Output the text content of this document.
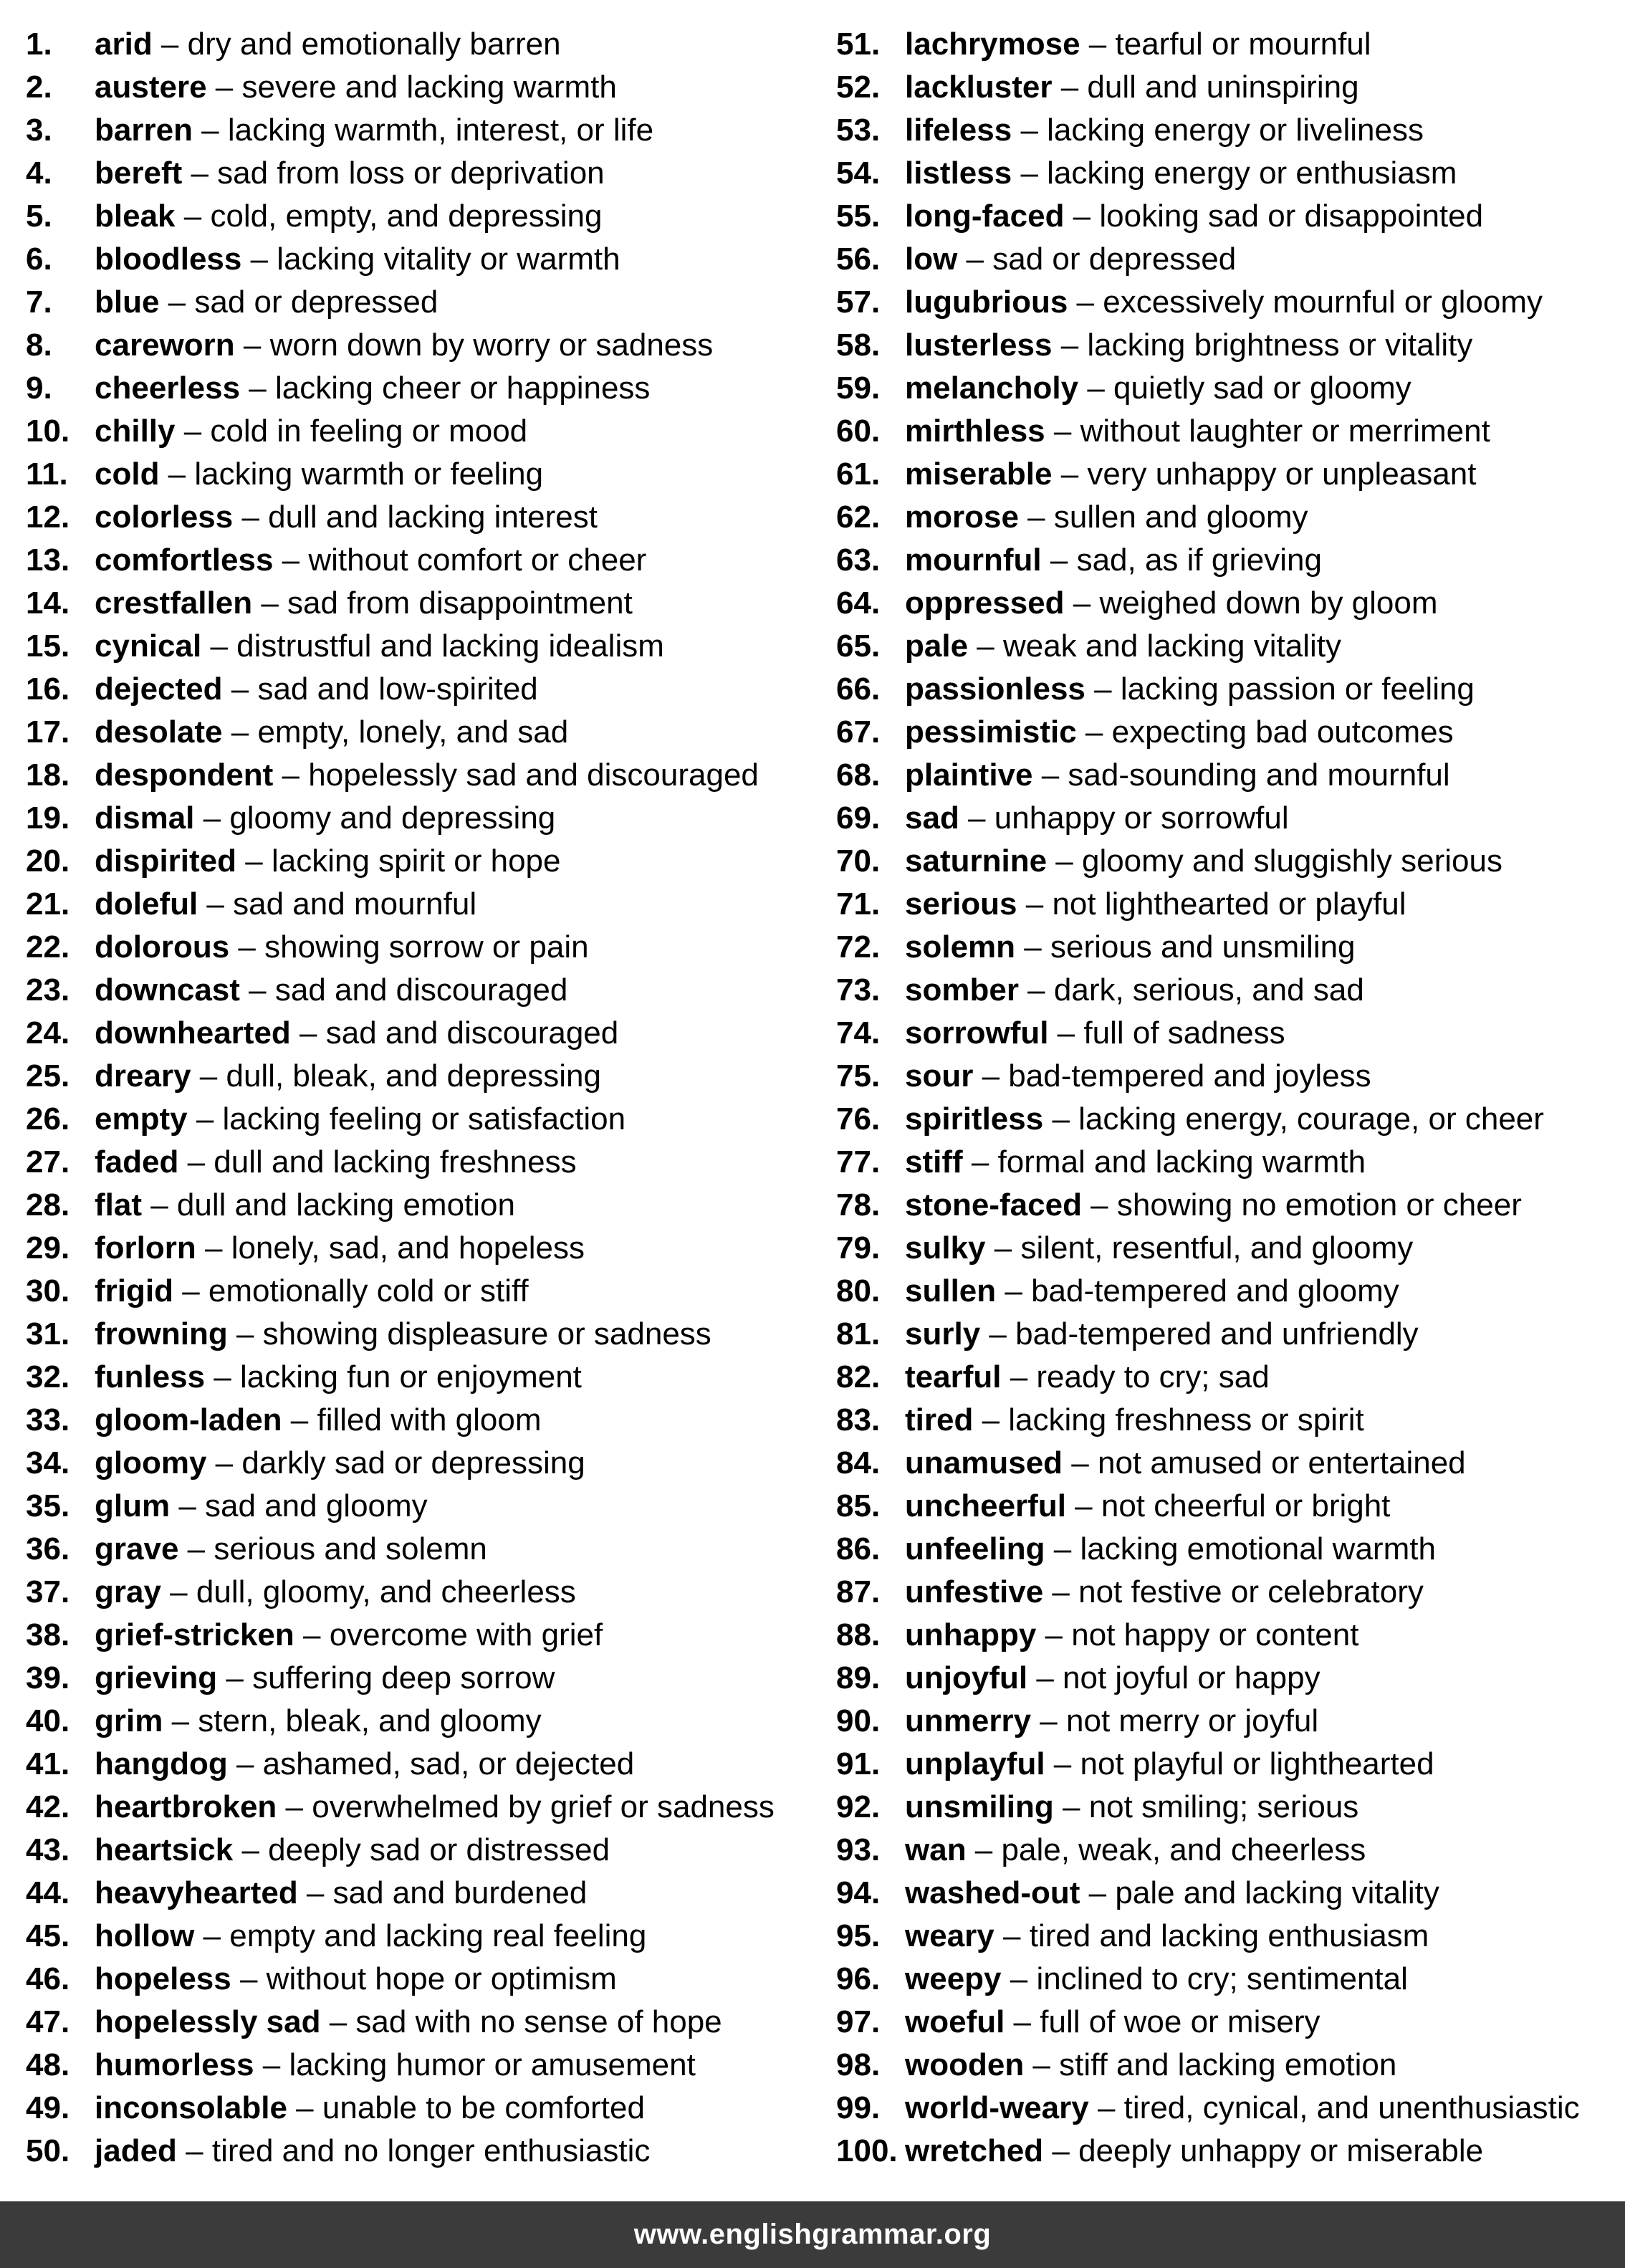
1.	arid – dry and emotionally barren
2.	austere – severe and lacking warmth
3.	barren – lacking warmth, interest, or life
4.	bereft – sad from loss or deprivation
5.	bleak – cold, empty, and depressing
6.	bloodless – lacking vitality or warmth
7.	blue – sad or depressed
8.	careworn – worn down by worry or sadness
9.	cheerless – lacking cheer or happiness
10. chilly – cold in feeling or mood
11. cold – lacking warmth or feeling
12. colorless – dull and lacking interest
13. comfortless – without comfort or cheer
14. crestfallen – sad from disappointment
15. cynical – distrustful and lacking idealism
16. dejected – sad and low-spirited
17. desolate – empty, lonely, and sad
18. despondent – hopelessly sad and discouraged
19. dismal – gloomy and depressing
20. dispirited – lacking spirit or hope
21. doleful – sad and mournful
22. dolorous – showing sorrow or pain
23. downcast – sad and discouraged
24. downhearted – sad and discouraged
25. dreary – dull, bleak, and depressing
26. empty – lacking feeling or satisfaction
27. faded – dull and lacking freshness
28. flat – dull and lacking emotion
29. forlorn – lonely, sad, and hopeless
30. frigid – emotionally cold or stiff
31. frowning – showing displeasure or sadness
32. funless – lacking fun or enjoyment
33. gloom-laden – filled with gloom
34. gloomy – darkly sad or depressing
35. glum – sad and gloomy
36. grave – serious and solemn
37. gray – dull, gloomy, and cheerless
38. grief-stricken – overcome with grief
39. grieving – suffering deep sorrow
40. grim – stern, bleak, and gloomy
41. hangdog – ashamed, sad, or dejected
42. heartbroken – overwhelmed by grief or sadness
43. heartsick – deeply sad or distressed
44. heavyhearted – sad and burdened
45. hollow – empty and lacking real feeling
46. hopeless – without hope or optimism
47. hopelessly sad – sad with no sense of hope
48. humorless – lacking humor or amusement
49. inconsolable – unable to be comforted
50. jaded – tired and no longer enthusiastic
51. lachrymose – tearful or mournful
52. lackluster – dull and uninspiring
53. lifeless – lacking energy or liveliness
54. listless – lacking energy or enthusiasm
55. long-faced – looking sad or disappointed
56. low – sad or depressed
57. lugubrious – excessively mournful or gloomy
58. lusterless – lacking brightness or vitality
59. melancholy – quietly sad or gloomy
60. mirthless – without laughter or merriment
61. miserable – very unhappy or unpleasant
62. morose – sullen and gloomy
63. mournful – sad, as if grieving
64. oppressed – weighed down by gloom
65. pale – weak and lacking vitality
66. passionless – lacking passion or feeling
67. pessimistic – expecting bad outcomes
68. plaintive – sad-sounding and mournful
69. sad – unhappy or sorrowful
70. saturnine – gloomy and sluggishly serious
71. serious – not lighthearted or playful
72. solemn – serious and unsmiling
73. somber – dark, serious, and sad
74. sorrowful – full of sadness
75. sour – bad-tempered and joyless
76. spiritless – lacking energy, courage, or cheer
77. stiff – formal and lacking warmth
78. stone-faced – showing no emotion or cheer
79. sulky – silent, resentful, and gloomy
80. sullen – bad-tempered and gloomy
81. surly – bad-tempered and unfriendly
82. tearful – ready to cry; sad
83. tired – lacking freshness or spirit
84. unamused – not amused or entertained
85. uncheerful – not cheerful or bright
86. unfeeling – lacking emotional warmth
87. unfestive – not festive or celebratory
88. unhappy – not happy or content
89. unjoyful – not joyful or happy
90. unmerry – not merry or joyful
91. unplayful – not playful or lighthearted
92. unsmiling – not smiling; serious
93. wan – pale, weak, and cheerless
94. washed-out – pale and lacking vitality
95. weary – tired and lacking enthusiasm
96. weepy – inclined to cry; sentimental
97. woeful – full of woe or misery
98. wooden – stiff and lacking emotion
99. world-weary – tired, cynical, and unenthusiastic
100. wretched – deeply unhappy or miserable
www.englishgrammar.org
